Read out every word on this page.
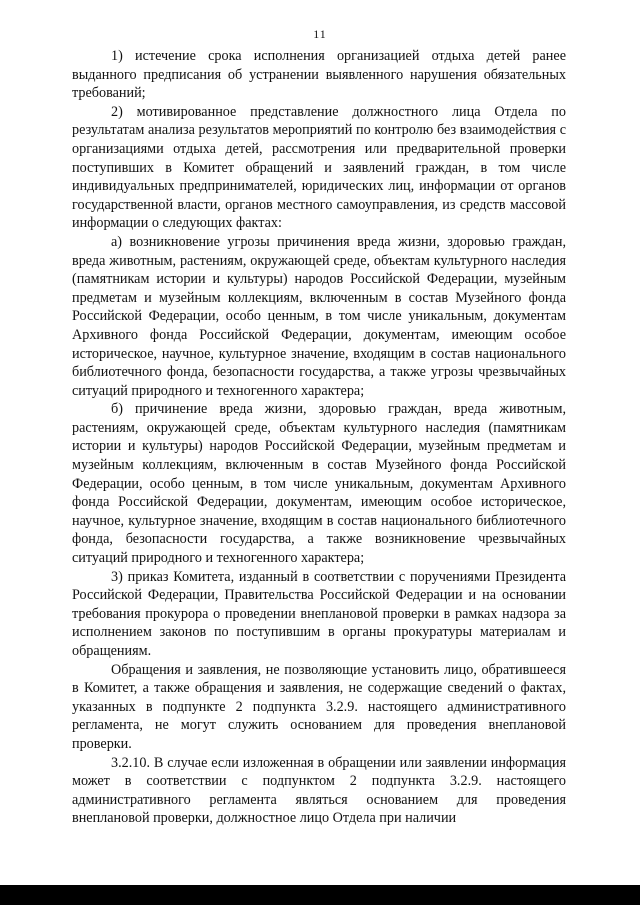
11

1) истечение срока исполнения организацией отдыха детей ранее выданного предписания об устранении выявленного нарушения обязательных требований;

2) мотивированное представление должностного лица Отдела по результатам анализа результатов мероприятий по контролю без взаимодействия с организациями отдыха детей, рассмотрения или предварительной проверки поступивших в Комитет обращений и заявлений граждан, в том числе индивидуальных предпринимателей, юридических лиц, информации от органов государственной власти, органов местного самоуправления, из средств массовой информации о следующих фактах:

а) возникновение угрозы причинения вреда жизни, здоровью граждан, вреда животным, растениям, окружающей среде, объектам культурного наследия (памятникам истории и культуры) народов Российской Федерации, музейным предметам и музейным коллекциям, включенным в состав Музейного фонда Российской Федерации, особо ценным, в том числе уникальным, документам Архивного фонда Российской Федерации, документам, имеющим особое историческое, научное, культурное значение, входящим в состав национального библиотечного фонда, безопасности государства, а также угрозы чрезвычайных ситуаций природного и техногенного характера;

б) причинение вреда жизни, здоровью граждан, вреда животным, растениям, окружающей среде, объектам культурного наследия (памятникам истории и культуры) народов Российской Федерации, музейным предметам и музейным коллекциям, включенным в состав Музейного фонда Российской Федерации, особо ценным, в том числе уникальным, документам Архивного фонда Российской Федерации, документам, имеющим особое историческое, научное, культурное значение, входящим в состав национального библиотечного фонда, безопасности государства, а также возникновение чрезвычайных ситуаций природного и техногенного характера;

3) приказ Комитета, изданный в соответствии с поручениями Президента Российской Федерации, Правительства Российской Федерации и на основании требования прокурора о проведении внеплановой проверки в рамках надзора за исполнением законов по поступившим в органы прокуратуры материалам и обращениям.

Обращения и заявления, не позволяющие установить лицо, обратившееся в Комитет, а также обращения и заявления, не содержащие сведений о фактах, указанных в подпункте 2 подпункта 3.2.9. настоящего административного регламента, не могут служить основанием для проведения внеплановой проверки.

3.2.10. В случае если изложенная в обращении или заявлении информация может в соответствии с подпунктом 2 подпункта 3.2.9. настоящего административного регламента являться основанием для проведения внеплановой проверки, должностное лицо Отдела при наличии
